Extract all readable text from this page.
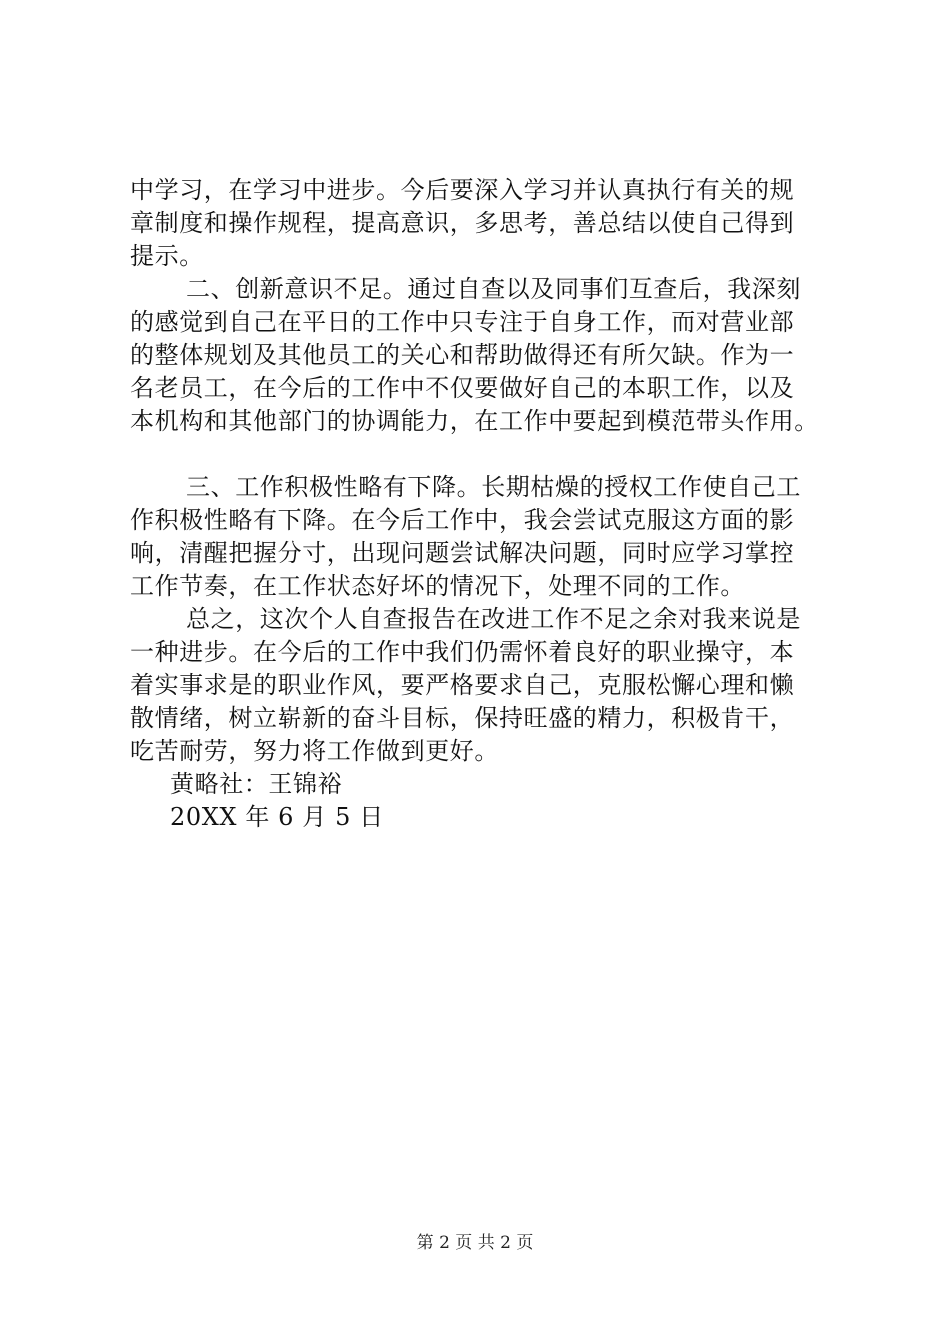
中学习，在学习中进步。今后要深入学习并认真执行有关的规
章制度和操作规程，提高意识，多思考，善总结以使自己得到
提示。
二、创新意识不足。通过自查以及同事们互查后，我深刻
的感觉到自己在平日的工作中只专注于自身工作，而对营业部
的整体规划及其他员工的关心和帮助做得还有所欠缺。作为一
名老员工，在今后的工作中不仅要做好自己的本职工作，以及
本机构和其他部门的协调能力，在工作中要起到模范带头作用。
三、工作积极性略有下降。长期枯燥的授权工作使自己工
作积极性略有下降。在今后工作中，我会尝试克服这方面的影
响，清醒把握分寸，出现问题尝试解决问题，同时应学习掌控
工作节奏，在工作状态好坏的情况下，处理不同的工作。
总之，这次个人自查报告在改进工作不足之余对我来说是
一种进步。在今后的工作中我们仍需怀着良好的职业操守，本
着实事求是的职业作风，要严格要求自己，克服松懈心理和懒
散情绪，树立崭新的奋斗目标，保持旺盛的精力，积极肯干，
吃苦耐劳，努力将工作做到更好。
黄略社：王锦裕
20XX 年 6 月 5 日
第 2 页 共 2 页
